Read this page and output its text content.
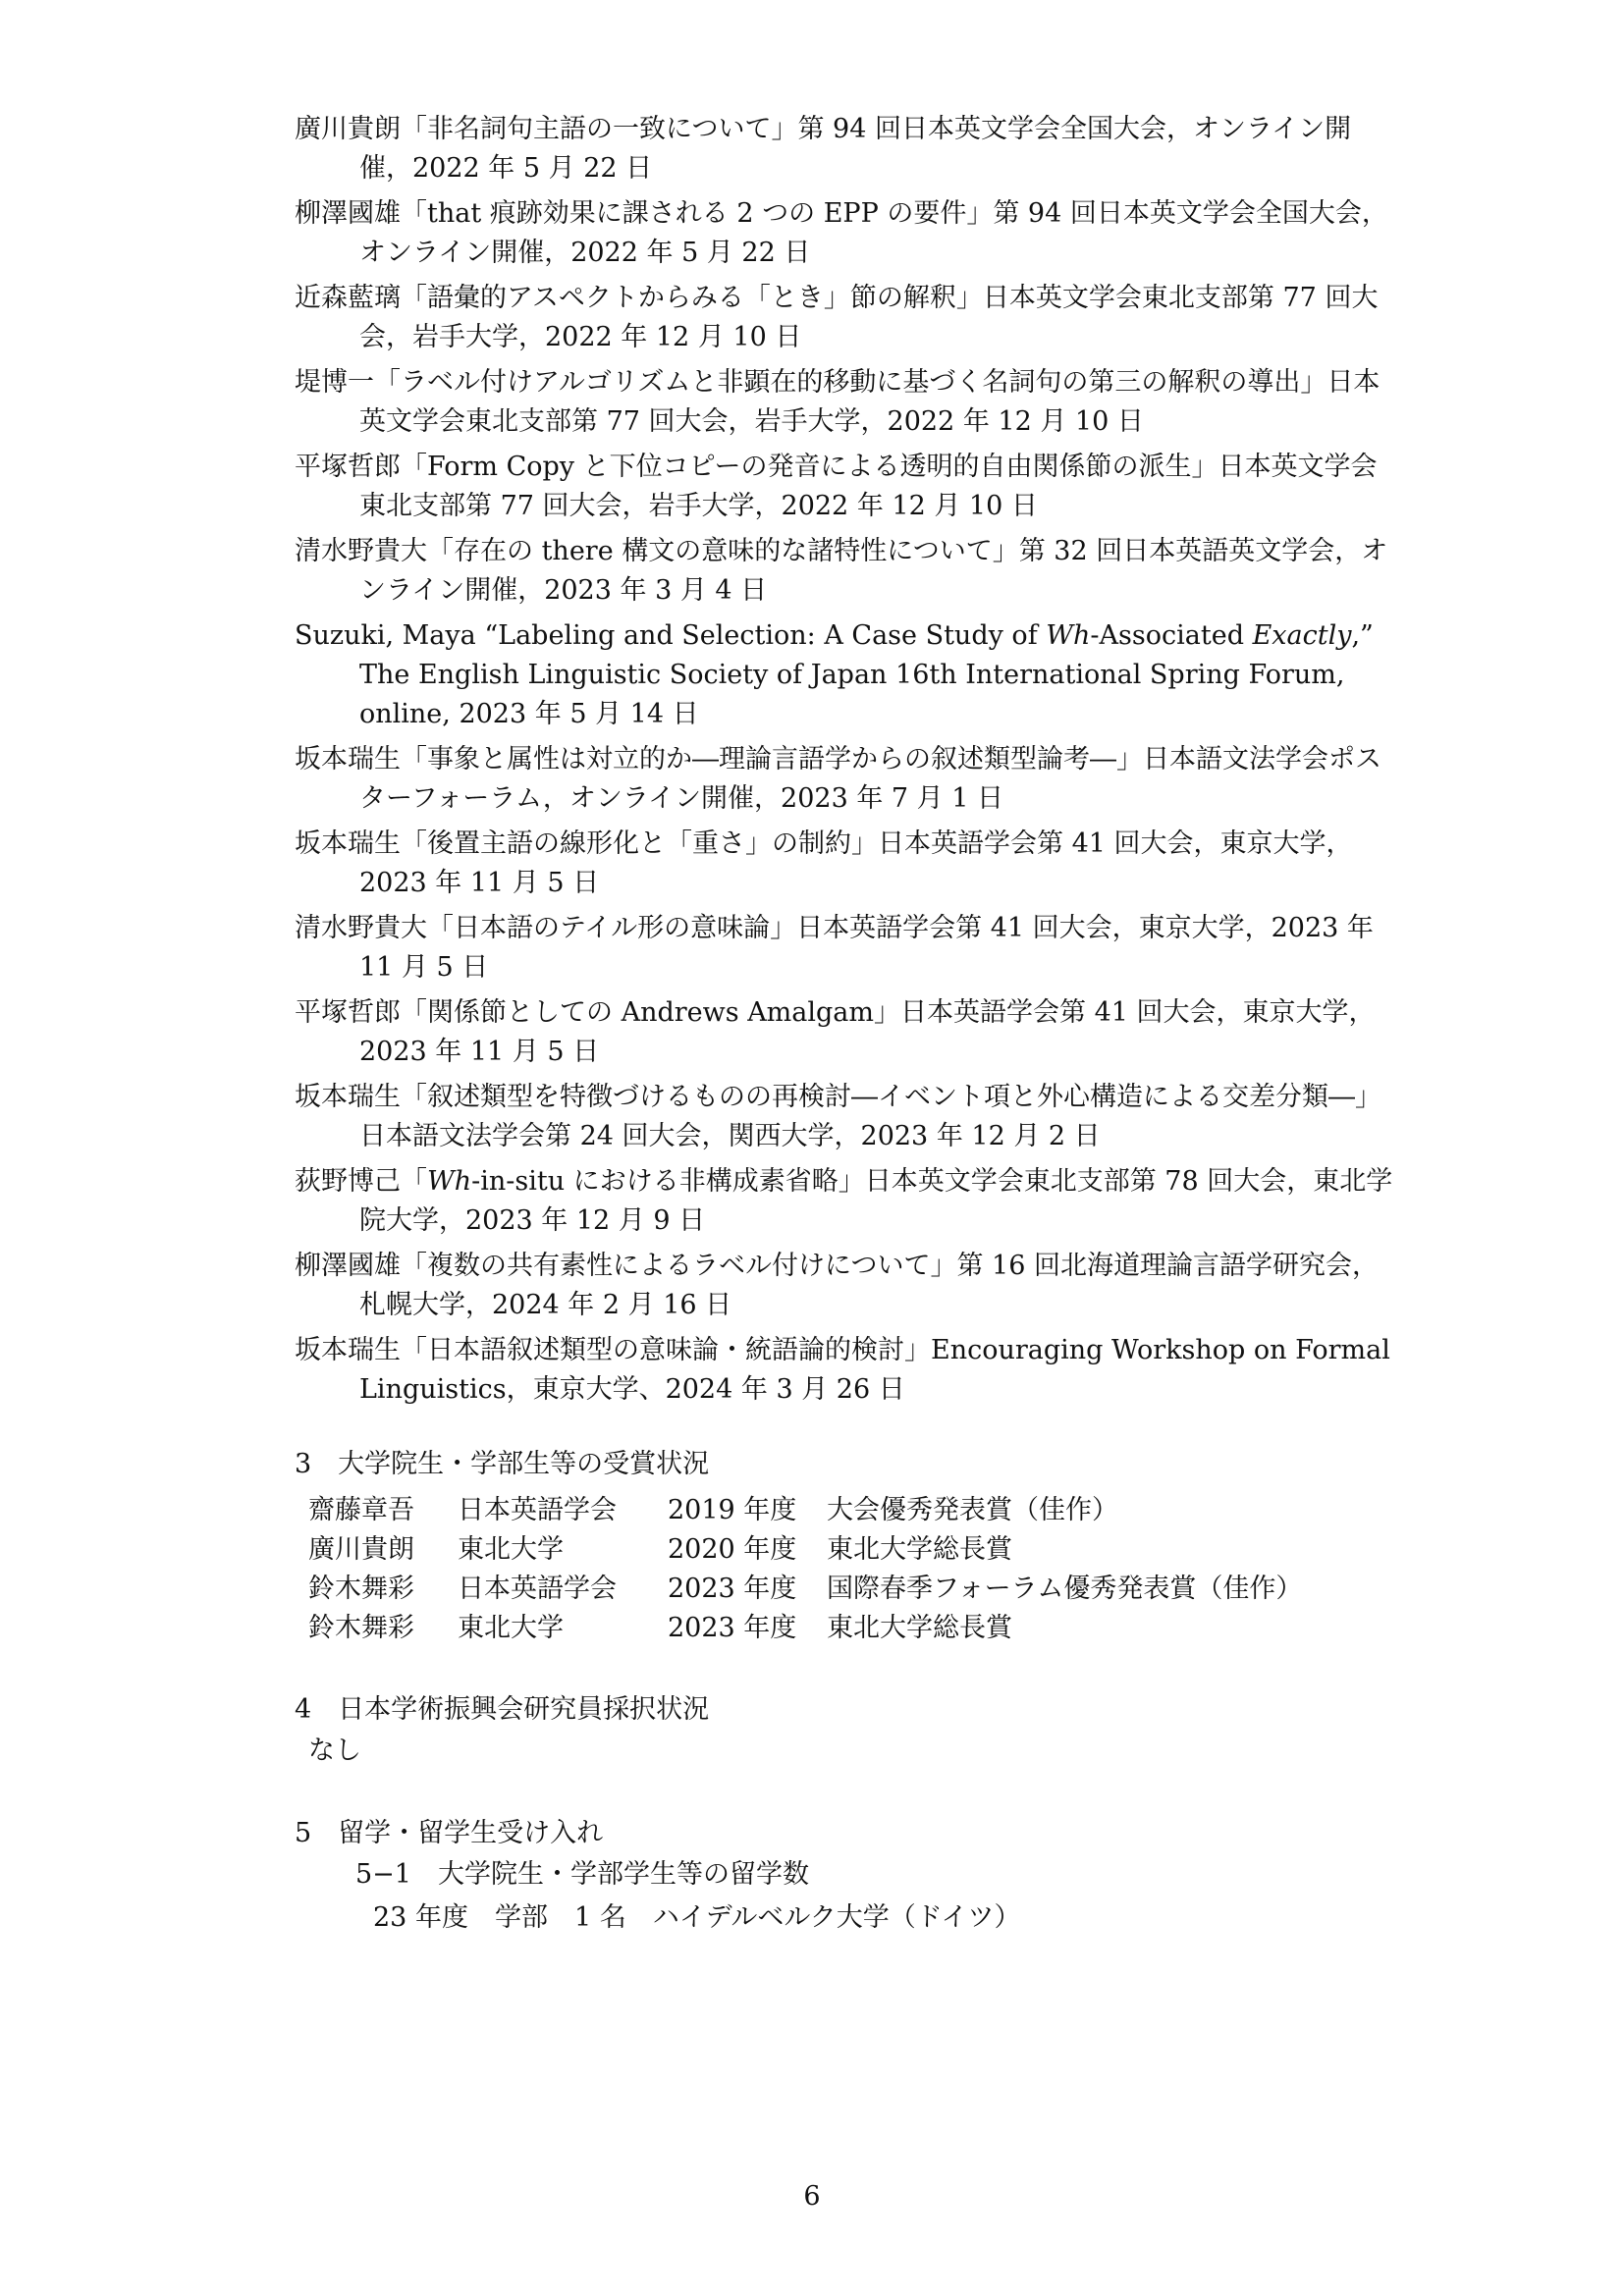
廣川貴朗「非名詞句主語の一致について」第 94 回日本英文学会全国大会，オンライン開催，2022 年 5 月 22 日
柳澤國雄「that 痕跡効果に課される 2 つの EPP の要件」第 94 回日本英文学会全国大会，オンライン開催，2022 年 5 月 22 日
近森藍璃「語彙的アスペクトからみる「とき」節の解釈」日本英文学会東北支部第 77 回大会，岩手大学，2022 年 12 月 10 日
堤博一「ラベル付けアルゴリズムと非顕在的移動に基づく名詞句の第三の解釈の導出」日本英文学会東北支部第 77 回大会，岩手大学，2022 年 12 月 10 日
平塚哲郎「Form Copy と下位コピーの発音による透明的自由関係節の派生」日本英文学会東北支部第 77 回大会，岩手大学，2022 年 12 月 10 日
清水野貴大「存在の there 構文の意味的な諸特性について」第 32 回日本英語英文学会，オンライン開催，2023 年 3 月 4 日
Suzuki, Maya “Labeling and Selection: A Case Study of Wh-Associated Exactly,” The English Linguistic Society of Japan 16th International Spring Forum, online, 2023 年 5 月 14 日
坂本瑞生「事象と属性は対立的か―理論言語学からの叙述類型論考―」日本語文法学会ポスターフォーラム，オンライン開催，2023 年 7 月 1 日
坂本瑞生「後置主語の線形化と「重さ」の制約」日本英語学会第 41 回大会，東京大学，2023 年 11 月 5 日
清水野貴大「日本語のテイル形の意味論」日本英語学会第 41 回大会，東京大学，2023 年 11 月 5 日
平塚哲郎「関係節としての Andrews Amalgam」日本英語学会第 41 回大会，東京大学，2023 年 11 月 5 日
坂本瑞生「叙述類型を特徴づけるものの再検討―イベント項と外心構造による交差分類―」日本語文法学会第 24 回大会，関西大学，2023 年 12 月 2 日
荻野博己「Wh-in-situ における非構成素省略」日本英文学会東北支部第 78 回大会，東北学院大学，2023 年 12 月 9 日
柳澤國雄「複数の共有素性によるラベル付けについて」第 16 回北海道理論言語学研究会，札幌大学，2024 年 2 月 16 日
坂本瑞生「日本語叙述類型の意味論・統語論的検討」Encouraging Workshop on Formal Linguistics，東京大学、2024 年 3 月 26 日
3　大学院生・学部生等の受賞状況
齋藤章吾	日本英語学会	2019 年度	大会優秀発表賞（佳作）
廣川貴朗	東北大学	2020 年度	東北大学総長賞
鈴木舞彩	日本英語学会	2023 年度	国際春季フォーラム優秀発表賞（佳作）
鈴木舞彩	東北大学	2023 年度	東北大学総長賞
4　日本学術振興会研究員採択状況
なし
5　留学・留学生受け入れ
5−1　大学院生・学部学生等の留学数
23 年度　学部　1 名　ハイデルベルク大学（ドイツ）
6
